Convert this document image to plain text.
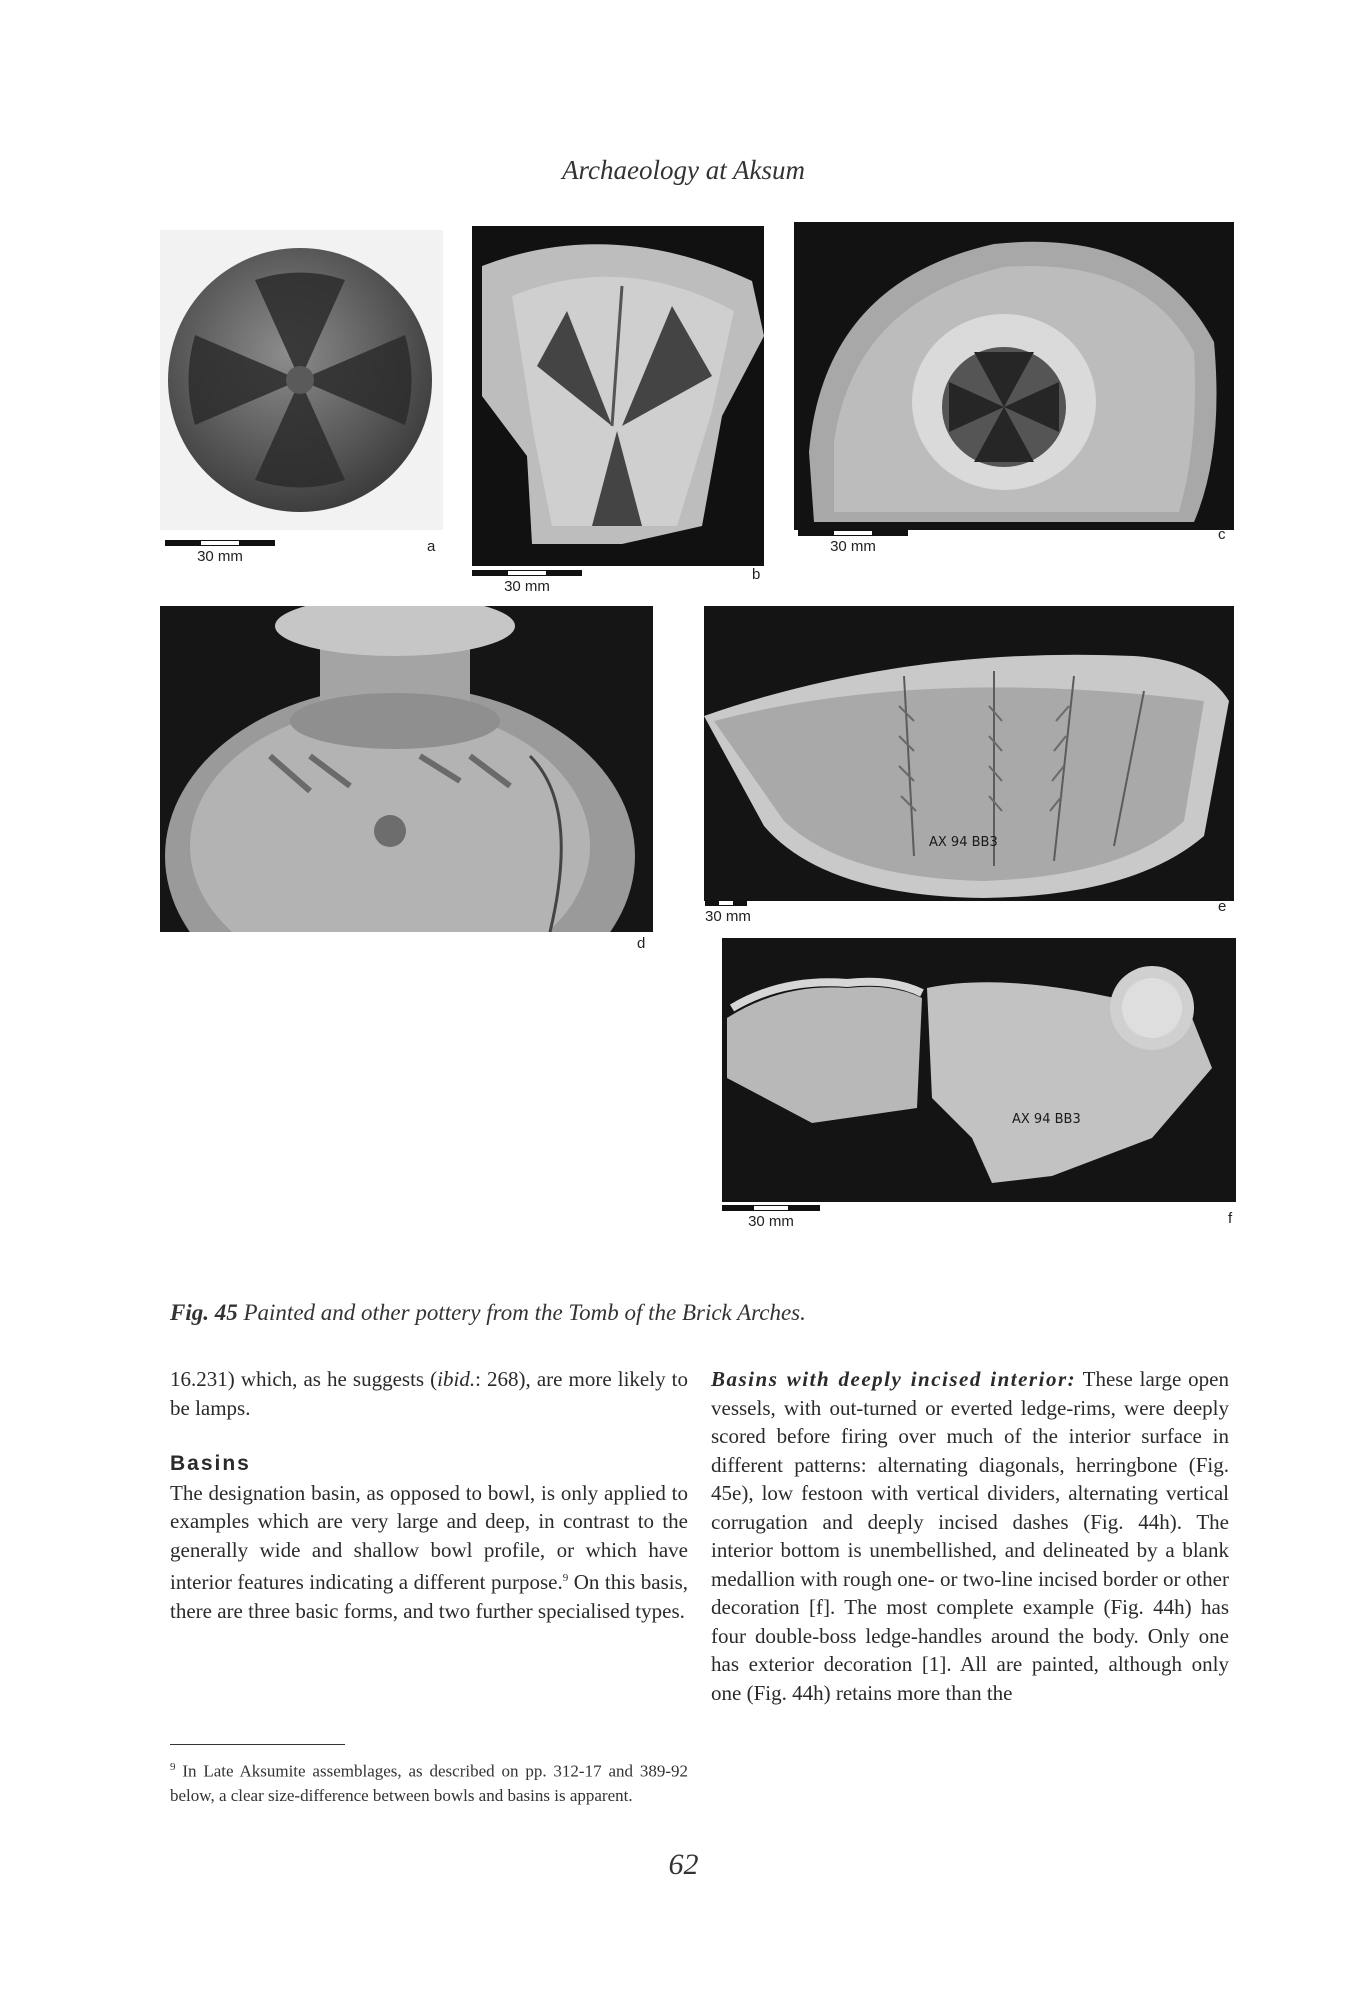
Archaeology at Aksum
30 mm
a
30 mm
b
30 mm
c
d
AX 94 BB3
30 mm
e
AX 94 BB3
30 mm	f
Fig. 45 Painted and other pottery from the Tomb of the Brick Arches.

16.231) which, as he suggests (ibid.: 268), are more likely to be lamps.

Basins

The designation basin, as opposed to bowl, is only applied to examples which are very large and deep, in contrast to the generally wide and shallow bowl profile, or which have interior features indicating a different purpose.$^9$ On this basis, there are three basic forms, and two further specialised types.

$^9$ In Late Aksumite assemblages, as described on pp. 312-17 and 389-92 below, a clear size-difference between bowls and basins is apparent.

Basins with deeply incised interior: These large open vessels, with out-turned or everted ledge-rims, were deeply scored before firing over much of the interior surface in different patterns: alternating diagonals, herringbone (Fig. 45e), low festoon with vertical dividers, alternating vertical corrugation and deeply incised dashes (Fig. 44h). The interior bottom is unembellished, and delineated by a blank medallion with rough one- or two-line incised border or other decoration [f]. The most complete example (Fig. 44h) has four double-boss ledge-handles around the body. Only one has exterior decoration [1]. All are painted, although only one (Fig. 44h) retains more than the

62
